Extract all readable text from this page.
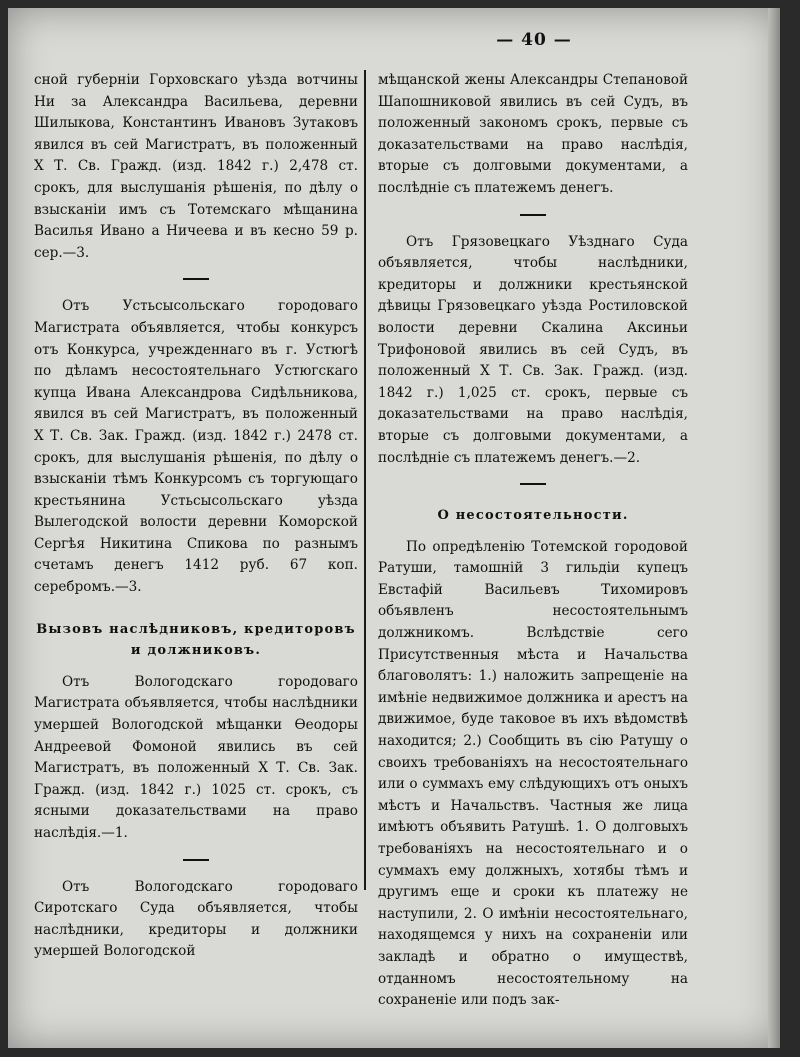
— 40 —

сной губерніи Горховскаго уѣзда вотчины Ни за Александра Васильева, деревни Шилыкова, Константинъ Ивановъ Зутаковъ явился въ сей Магистратъ, въ положенный Х Т. Св. Гражд. (изд. 1842 г.) 2,478 ст. срокъ, для выслушанія рѣшенія, по дѣлу о взысканіи имъ съ Тотемскаго мѣщанина Василья Ивано а Ничеева и въ кесно 59 р. сер.—3.

Отъ Устьсысольскаго городоваго Магистрата объявляется, чтобы конкурсъ отъ Конкурса, учрежденнаго въ г. Устюгѣ по дѣламъ несостоятельнаго Устюгскаго купца Ивана Александрова Сидѣльникова, явился въ сей Магистратъ, въ положенный Х Т. Св. Зак. Гражд. (изд. 1842 г.) 2478 ст. срокъ, для выслушанія рѣшенія, по дѣлу о взысканіи тѣмъ Конкурсомъ съ торгующаго крестьянина Устьсысольскаго уѣзда Вылегодской волости деревни Коморской Сергѣя Никитина Спикова по разнымъ счетамъ денегъ 1412 руб. 67 коп. серебромъ.—3.

Вызовъ наслѣдниковъ, кредиторовъ и должниковъ.

Отъ Вологодскаго городоваго Магистрата объявляется, чтобы наслѣдники умершей Вологодской мѣщанки Ѳеодоры Андреевой Фомоной явились въ сей Магистратъ, въ положенный Х Т. Св. Зак. Гражд. (изд. 1842 г.) 1025 ст. срокъ, съ ясными доказательствами на право наслѣдія.—1.

Отъ Вологодскаго городоваго Сиротскаго Суда объявляется, чтобы наслѣдники, кредиторы и должники умершей Вологодской

мѣщанской жены Александры Степановой Шапошниковой явились въ сей Судъ, въ положенный закономъ срокъ, первые съ доказательствами на право наслѣдія, вторые съ долговыми документами, а послѣдніе съ платежемъ денегъ.

Отъ Грязовецкаго Уѣзднаго Суда объявляется, чтобы наслѣдники, кредиторы и должники крестьянской дѣвицы Грязовецкаго уѣзда Ростиловской волости деревни Скалина Аксиньи Трифоновой явились въ сей Судъ, въ положенный Х Т. Св. Зак. Гражд. (изд. 1842 г.) 1,025 ст. срокъ, первые съ доказательствами на право наслѣдія, вторые съ долговыми документами, а послѣдніе съ платежемъ денегъ.—2.

О несостоятельности.

По опредѣленію Тотемской городовой Ратуши, тамошній 3 гильдіи купецъ Евстафій Васильевъ Тихомировъ объявленъ несостоятельнымъ должникомъ. Вслѣдствіе сего Присутственныя мѣста и Начальства благоволятъ: 1.) наложить запрещеніе на имѣніе недвижимое должника и арестъ на движимое, буде таковое въ ихъ вѣдомствѣ находится; 2.) Сообщить въ сію Ратушу о своихъ требованіяхъ на несостоятельнаго или о суммахъ ему слѣдующихъ отъ оныхъ мѣстъ и Начальствъ. Частныя же лица имѣютъ объявить Ратушѣ. 1. О долговыхъ требованіяхъ на несостоятельнаго и о суммахъ ему должныхъ, хотябы тѣмъ и другимъ еще и сроки къ платежу не наступили, 2. О имѣніи несостоятельнаго, находящемся у нихъ на сохраненіи или закладѣ и обратно о имуществѣ, отданномъ несостоятельному на сохраненіе или подъ зак-
